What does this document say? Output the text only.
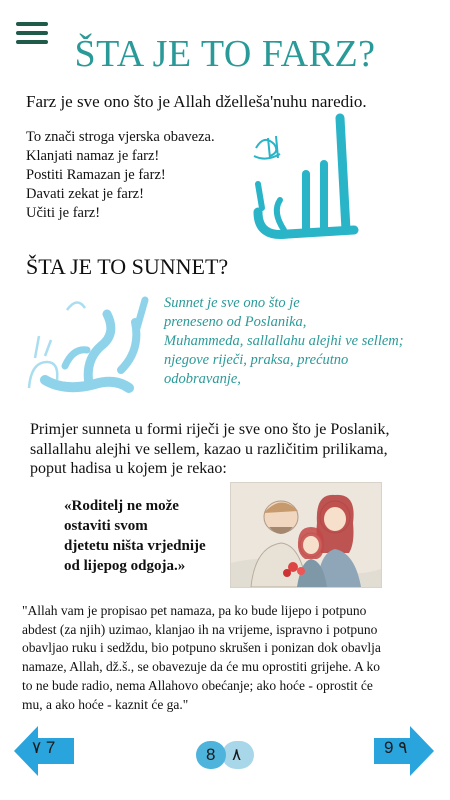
ŠTA JE TO FARZ?
Farz je sve ono što je Allah dželleša'nuhu naredio.
To znači stroga vjerska obaveza.
Klanjati namaz je farz!
Postiti Ramazan je farz!
Davati zekat je farz!
Učiti je farz!
ŠTA JE TO SUNNET?
Sunnet je sve ono što je
preneseno od Poslanika,
Muhammeda, sallallahu alejhi ve sellem;
njegove riječi, praksa, prećutno
odobravanje,
Primjer sunneta u formi riječi je sve ono što je Poslanik,
sallallahu alejhi ve sellem, kazao u različitim prilikama,
poput hadisa u kojem je rekao:
«Roditelj ne može
ostaviti svom
djetetu ništa vrjednije
od lijepog odgoja.»
"Allah vam je propisao pet namaza, pa ko bude lijepo i potpuno
abdest (za njih) uzimao, klanjao ih na vrijeme, ispravno i potpuno
obavljao ruku i sedždu, bio potpuno skrušen i ponizan dok obavlja
namaze, Allah, dž.š., se obavezuje da će mu oprostiti grijehe. A ko
to ne bude radio, nema Allahovo obećanje; ako hoće - oprostit će
mu, a ako hoće - kaznit će ga."
٧ 7	8 ٨	9 ٩
